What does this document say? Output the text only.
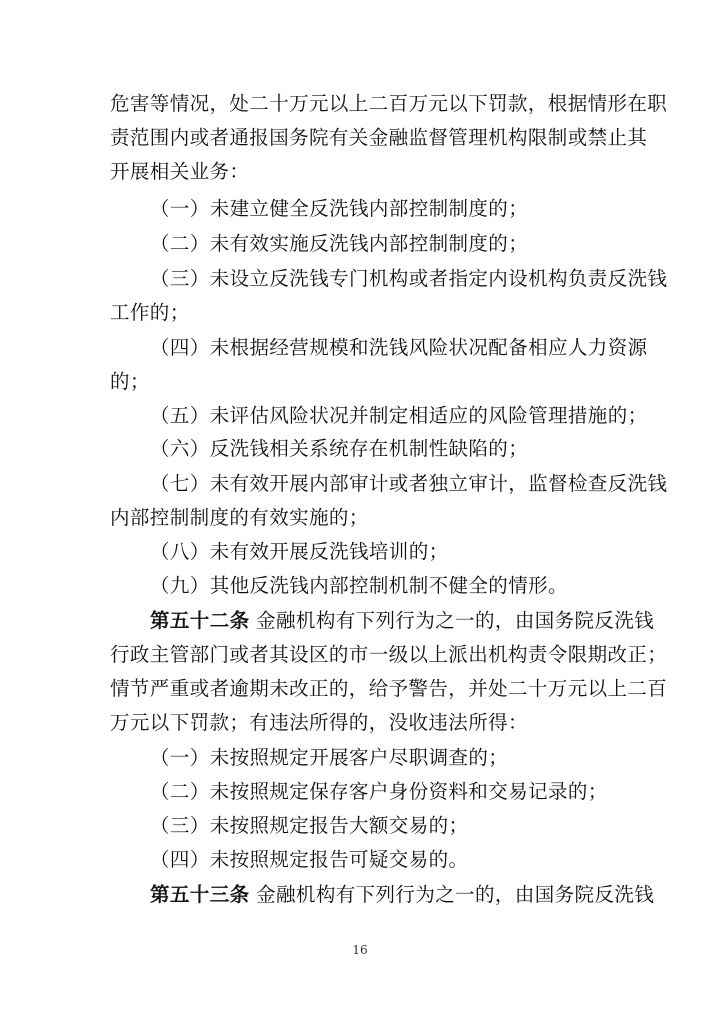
危害等情况，处二十万元以上二百万元以下罚款，根据情形在职
责范围内或者通报国务院有关金融监督管理机构限制或禁止其
开展相关业务：
（一）未建立健全反洗钱内部控制制度的；
（二）未有效实施反洗钱内部控制制度的；
（三）未设立反洗钱专门机构或者指定内设机构负责反洗钱
工作的；
（四）未根据经营规模和洗钱风险状况配备相应人力资源
的；
（五）未评估风险状况并制定相适应的风险管理措施的；
（六）反洗钱相关系统存在机制性缺陷的；
（七）未有效开展内部审计或者独立审计，监督检查反洗钱
内部控制制度的有效实施的；
（八）未有效开展反洗钱培训的；
（九）其他反洗钱内部控制机制不健全的情形。
第五十二条 金融机构有下列行为之一的，由国务院反洗钱
行政主管部门或者其设区的市一级以上派出机构责令限期改正；
情节严重或者逾期未改正的，给予警告，并处二十万元以上二百
万元以下罚款；有违法所得的，没收违法所得：
（一）未按照规定开展客户尽职调查的；
（二）未按照规定保存客户身份资料和交易记录的；
（三）未按照规定报告大额交易的；
（四）未按照规定报告可疑交易的。
第五十三条 金融机构有下列行为之一的，由国务院反洗钱
16
